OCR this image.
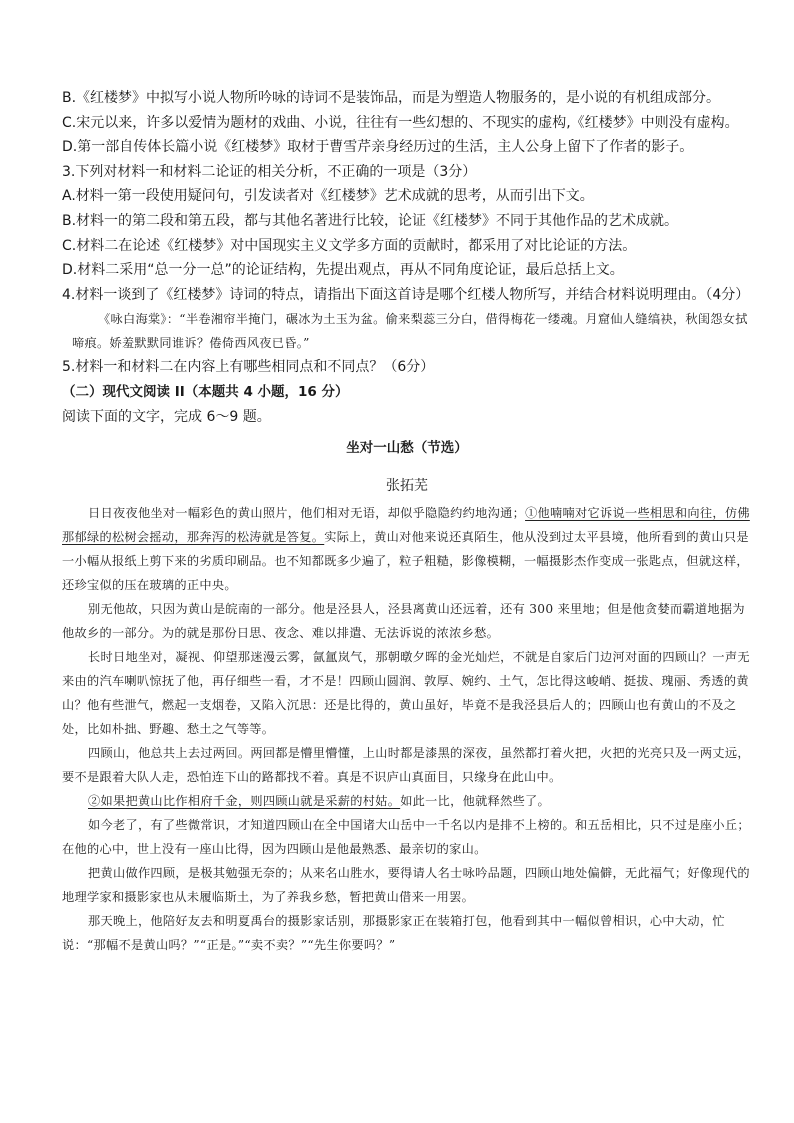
B.《红楼梦》中拟写小说人物所吟咏的诗词不是装饰品，而是为塑造人物服务的，是小说的有机组成部分。

C.宋元以来，许多以爱情为题材的戏曲、小说，往往有一些幻想的、不现实的虚构,《红楼梦》中则没有虚构。

D.第一部自传体长篇小说《红楼梦》取材于曹雪芹亲身经历过的生活，主人公身上留下了作者的影子。

3.下列对材料一和材料二论证的相关分析，不正确的一项是（3分）

A.材料一第一段使用疑问句，引发读者对《红楼梦》艺术成就的思考，从而引出下文。

B.材料一的第二段和第五段，都与其他名著进行比较，论证《红楼梦》不同于其他作品的艺术成就。

C.材料二在论述《红楼梦》对中国现实主义文学多方面的贡献时，都采用了对比论证的方法。

D.材料二采用“总一分一总”的论证结构，先提出观点，再从不同角度论证，最后总括上文。

4.材料一谈到了《红楼梦》诗词的特点，请指出下面这首诗是哪个红楼人物所写，并结合材料说明理由。（4分）

《咏白海棠》：“半卷湘帘半掩门，碾冰为土玉为盆。偷来梨蕊三分白，借得梅花一缕魂。月窟仙人缝缟袂，秋闺怨女拭啼痕。娇羞默默同谁诉？倦倚西风夜已昏。”

5.材料一和材料二在内容上有哪些相同点和不同点？（6分）

（二）现代文阅读 II（本题共 4 小题，16 分）

阅读下面的文字，完成 6～9 题。

坐对一山愁（节选）

张拓芜

日日夜夜他坐对一幅彩色的黄山照片，他们相对无语，却似乎隐隐约约地沟通；①他喃喃对它诉说一些相思和向往，仿佛那郁绿的松树会摇动，那奔泻的松涛就是答复。实际上，黄山对他来说还真陌生，他从没到过太平县境，他所看到的黄山只是一小幅从报纸上剪下来的劣质印刷品。也不知都既多少遍了，粒子粗糙，影像模糊，一幅摄影杰作变成一张匙点，但就这样，还珍宝似的压在玻璃的正中央。

别无他故，只因为黄山是皖南的一部分。他是泾县人，泾县离黄山还远着，还有 300 来里地；但是他贪婪而霸道地据为他故乡的一部分。为的就是那份日思、夜念、难以排遣、无法诉说的浓浓乡愁。

长时日地坐对，凝视、仰望那迷漫云雾，氤氲岚气，那朝暾夕晖的金光灿烂，不就是自家后门边河对面的四顾山？一声无来由的汽车喇叭惊抚了他，再仔细些一看，才不是！四顾山圆润、敦厚、婉约、土气，怎比得这峻峭、挺拔、瑰丽、秀透的黄山？他有些泄气，燃起一支烟卷，又陷入沉思：还是比得的，黄山虽好，毕竟不是我泾县后人的；四顾山也有黄山的不及之处，比如朴拙、野趣、愁土之气等等。

四顾山，他总共上去过两回。两回都是懵里懵懂，上山时都是漆黑的深夜，虽然都打着火把，火把的光亮只及一两丈远，要不是跟着大队人走，恐怕连下山的路都找不着。真是不识庐山真面目，只缘身在此山中。

②如果把黄山比作相府千金，则四顾山就是采薪的村姑。如此一比，他就释然些了。

如今老了，有了些微常识，才知道四顾山在全中国诸大山岳中一千名以内是排不上榜的。和五岳相比，只不过是座小丘；在他的心中，世上没有一座山比得，因为四顾山是他最熟悉、最亲切的家山。

把黄山做作四顾，是极其勉强无奈的；从来名山胜水，要得请人名士咏吟品题，四顾山地处偏僻，无此福气；好像现代的地理学家和摄影家也从未履临斯土，为了养我乡愁，暂把黄山借来一用罢。

那天晚上，他陪好友去和明夏禹台的摄影家话别，那摄影家正在装箱打包，他看到其中一幅似曾相识，心中大动，忙说：“那幅不是黄山吗？”“正是。”“卖不卖？”“先生你要吗？”
